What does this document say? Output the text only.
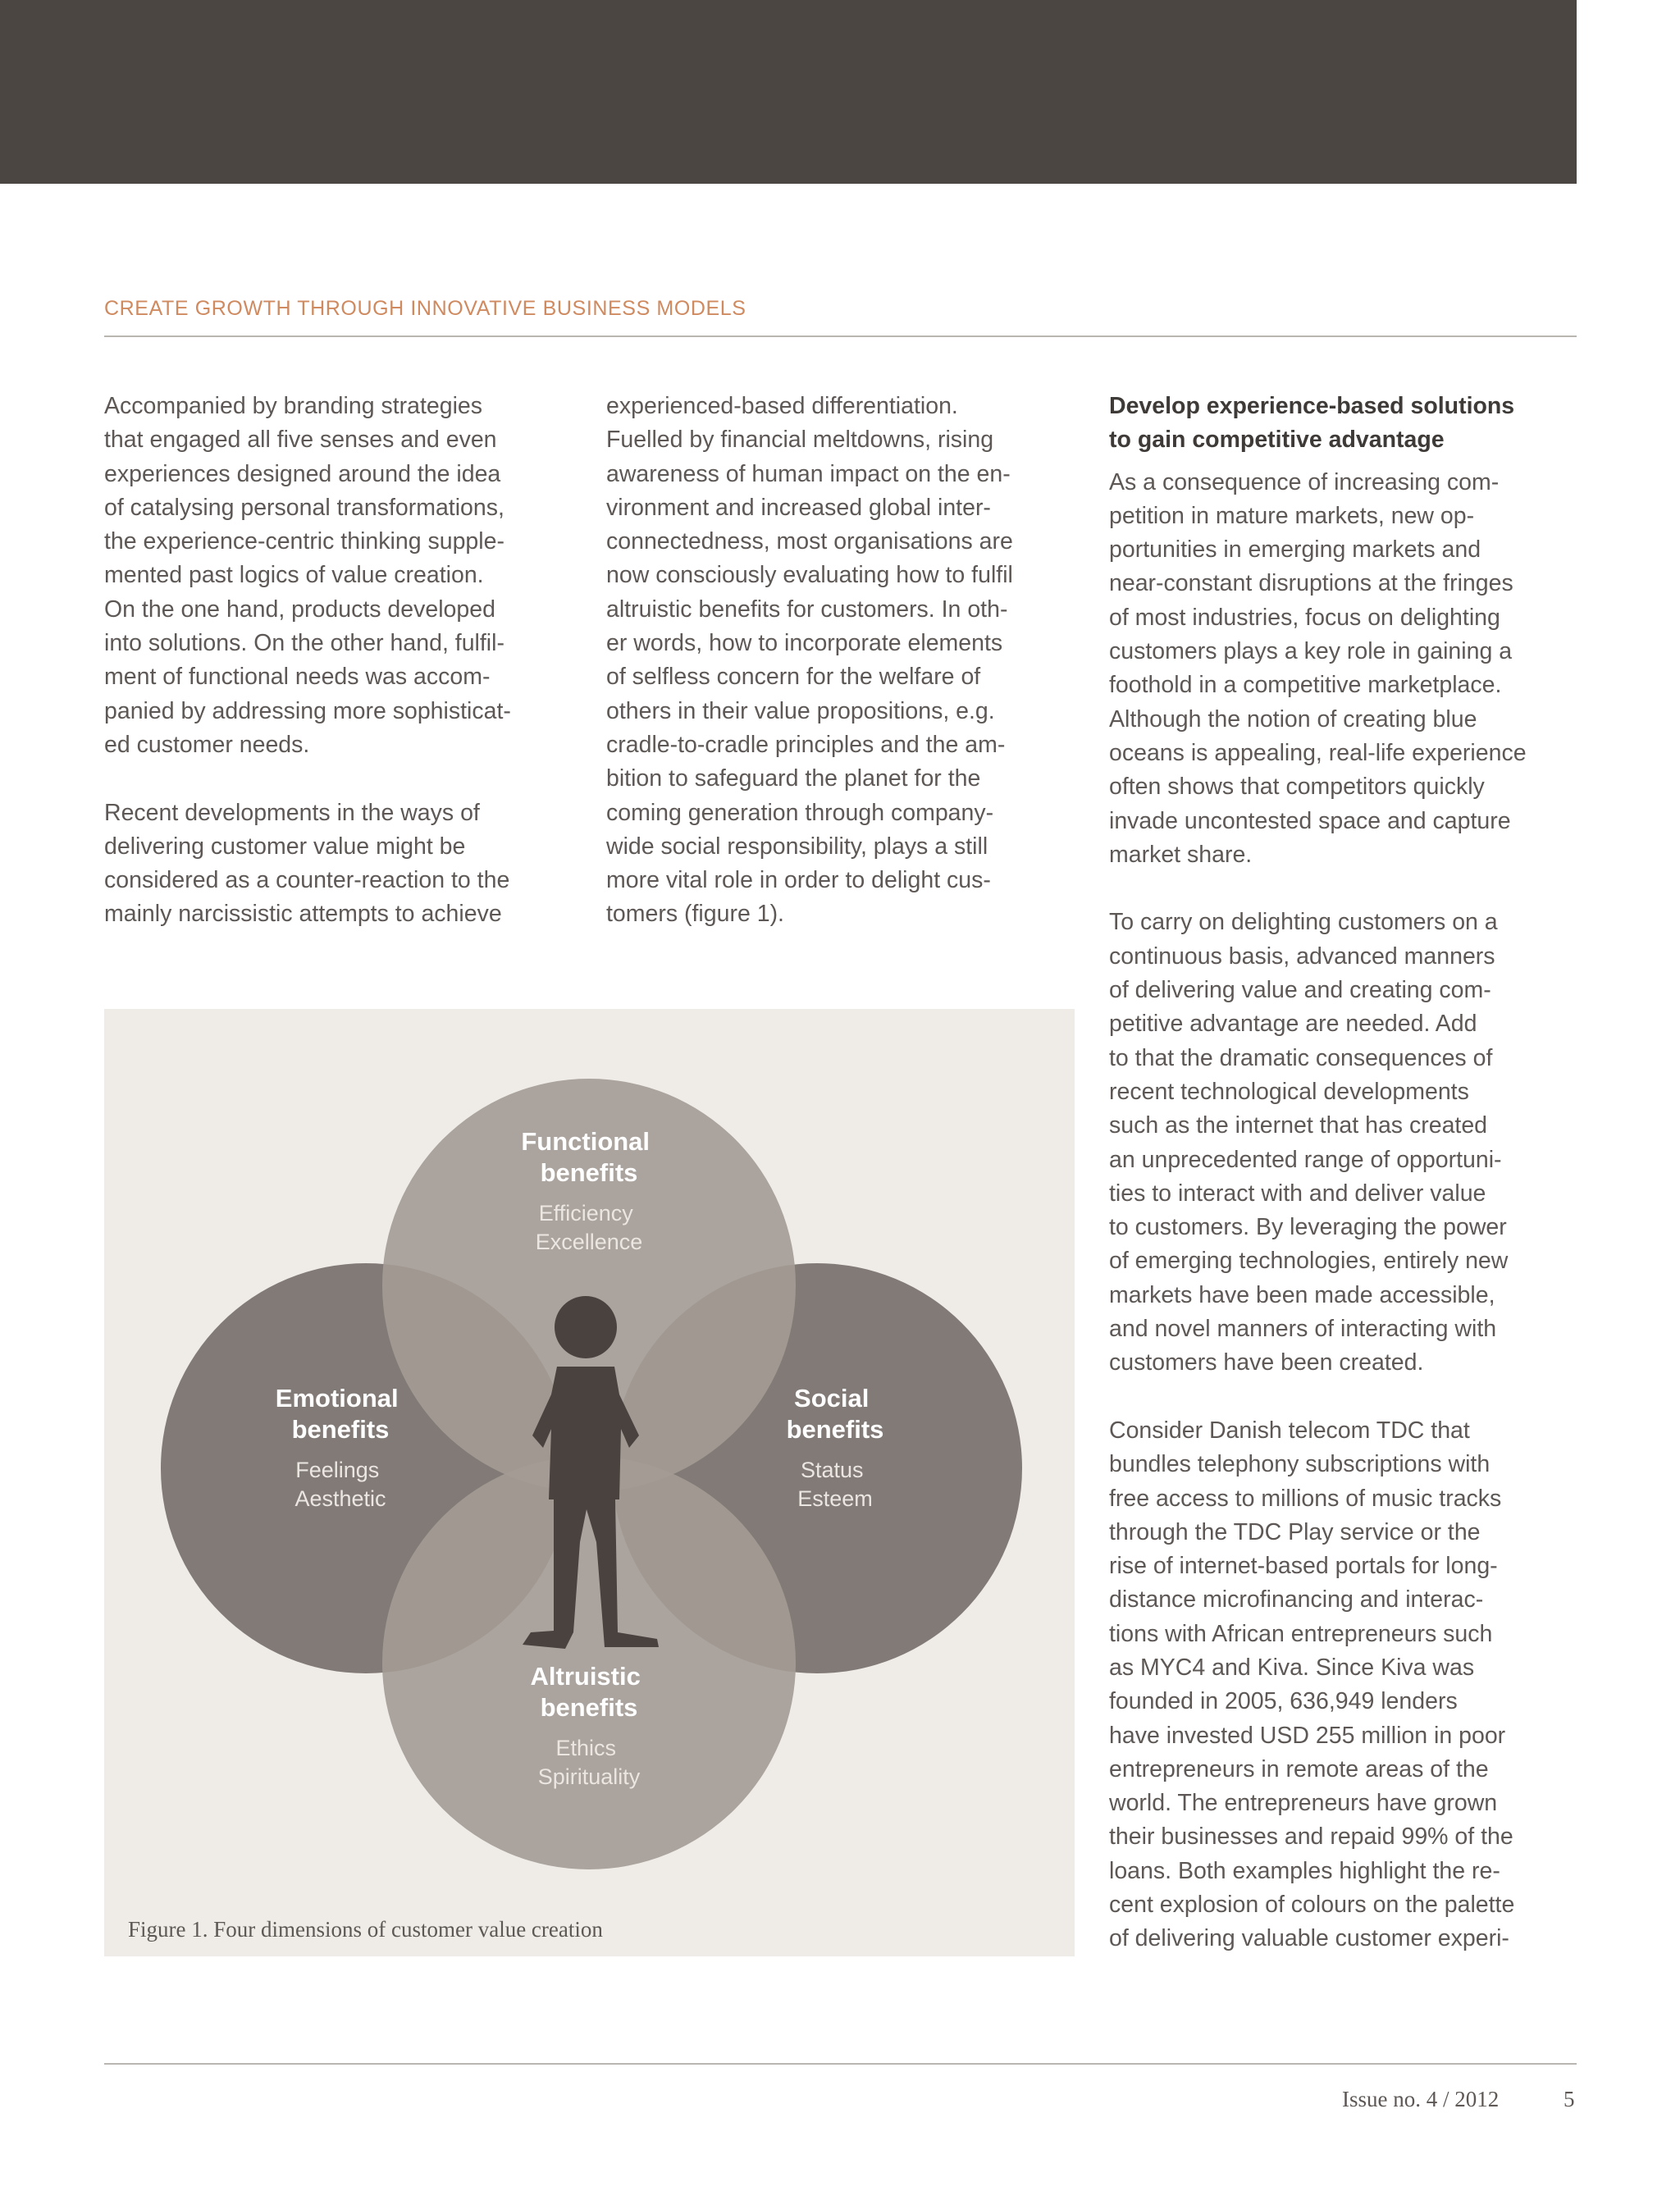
CREATE GROWTH THROUGH INNOVATIVE BUSINESS MODELS

Accompanied by branding strategies
that engaged all five senses and even
experiences designed around the idea
of catalysing personal transformations,
the experience-centric thinking supple-
mented past logics of value creation.
On the one hand, products developed
into solutions. On the other hand, fulfil-
ment of functional needs was accom-
panied by addressing more sophisticat-
ed customer needs.

Recent developments in the ways of
delivering customer value might be
considered as a counter-reaction to the
mainly narcissistic attempts to achieve

experienced-based differentiation.
Fuelled by financial meltdowns, rising
awareness of human impact on the en-
vironment and increased global inter-
connectedness, most organisations are
now consciously evaluating how to fulfil
altruistic benefits for customers. In oth-
er words, how to incorporate elements
of selfless concern for the welfare of
others in their value propositions, e.g.
cradle-to-cradle principles and the am-
bition to safeguard the planet for the
coming generation through company-
wide social responsibility, plays a still
more vital role in order to delight cus-
tomers (figure 1).

Develop experience-based solutions
to gain competitive advantage

As a consequence of increasing com-
petition in mature markets, new op-
portunities in emerging markets and
near-constant disruptions at the fringes
of most industries, focus on delighting
customers plays a key role in gaining a
foothold in a competitive marketplace.
Although the notion of creating blue
oceans is appealing, real-life experience
often shows that competitors quickly
invade uncontested space and capture
market share.

To carry on delighting customers on a
continuous basis, advanced manners
of delivering value and creating com-
petitive advantage are needed. Add
to that the dramatic consequences of
recent technological developments
such as the internet that has created
an unprecedented range of opportuni-
ties to interact with and deliver value
to customers. By leveraging the power
of emerging technologies, entirely new
markets have been made accessible,
and novel manners of interacting with
customers have been created.

Consider Danish telecom TDC that
bundles telephony subscriptions with
free access to millions of music tracks
through the TDC Play service or the
rise of internet-based portals for long-
distance microfinancing and interac-
tions with African entrepreneurs such
as MYC4 and Kiva. Since Kiva was
founded in 2005, 636,949 lenders
have invested USD 255 million in poor
entrepreneurs in remote areas of the
world. The entrepreneurs have grown
their businesses and repaid 99% of the
loans. Both examples highlight the re-
cent explosion of colours on the palette
of delivering valuable customer experi-

Functional benefits
Efficiency Excellence
Emotional benefits
Feelings Aesthetic
Social benefits
Status Esteem
Altruistic benefits
Ethics Spirituality
Figure 1. Four dimensions of customer value creation
Issue no. 4 / 2012	5
